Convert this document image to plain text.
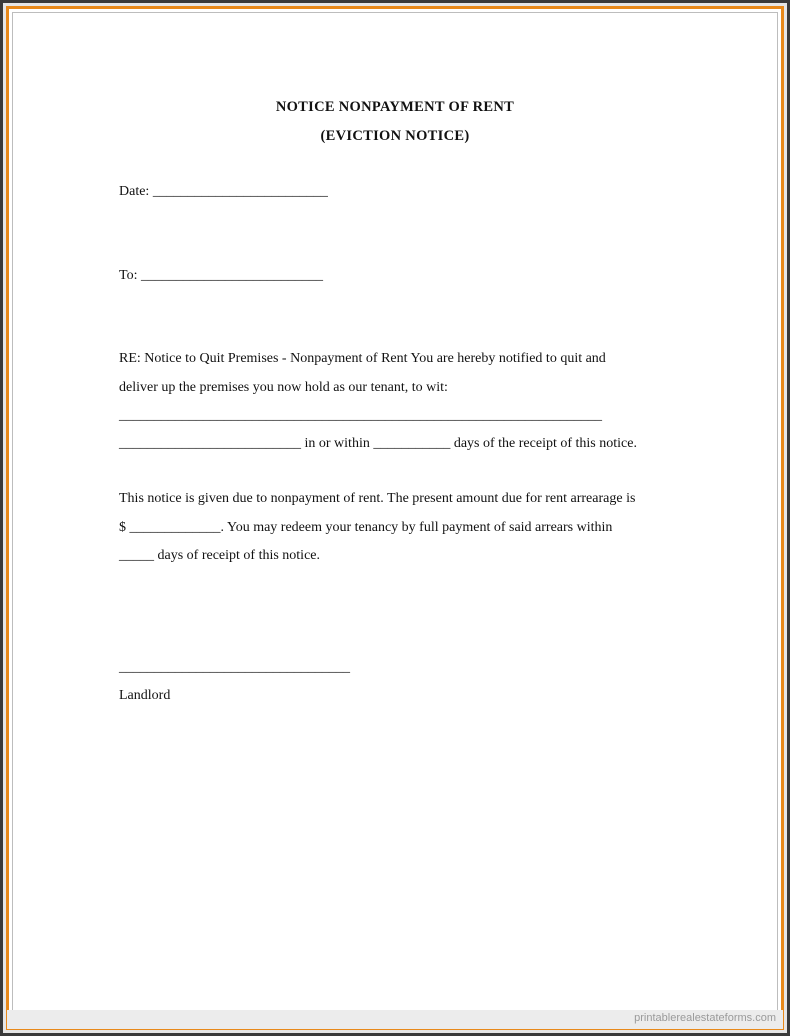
NOTICE NONPAYMENT OF RENT
(EVICTION NOTICE)
Date: _________________________
To: __________________________
RE: Notice to Quit Premises - Nonpayment of Rent You are hereby notified to quit and
deliver up the premises you now hold as our tenant, to wit:
_____________________________________________________________________
__________________________ in or within ___________ days of the receipt of this notice.
This notice is given due to nonpayment of rent. The present amount due for rent arrearage is
$ _____________. You may redeem your tenancy by full payment of said arrears within
_____ days of receipt of this notice.
_________________________________
Landlord
printablerealestateforms.com
